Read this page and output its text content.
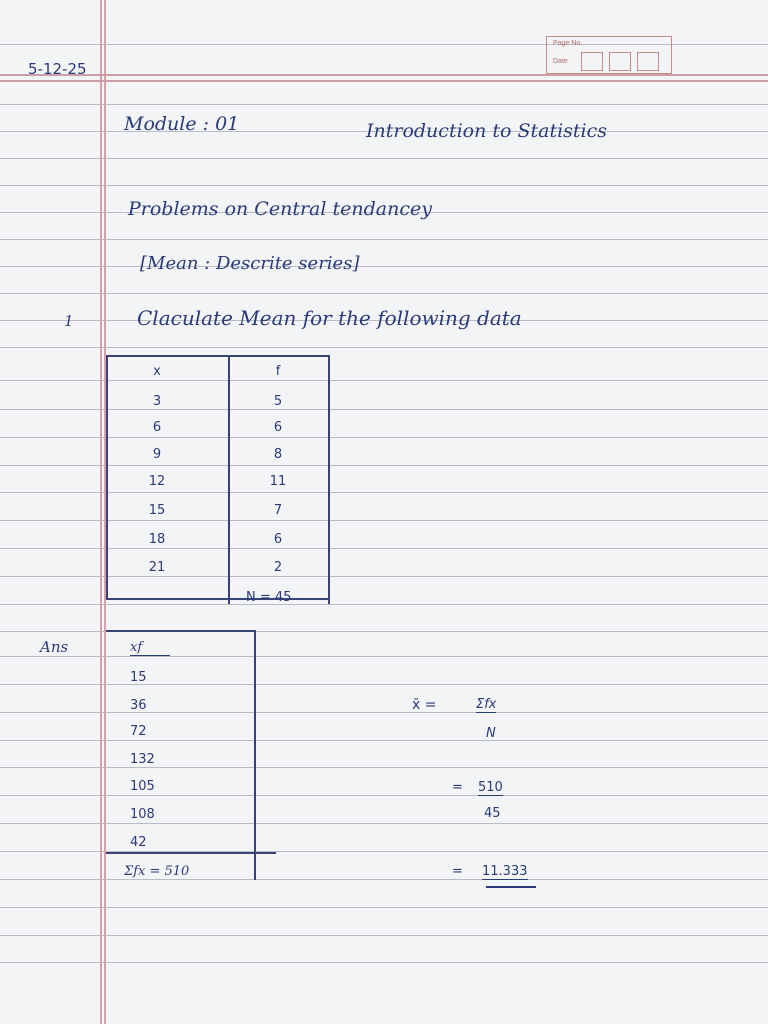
Page No.
Date
5-12-25
Module : 01	Introduction to Statistics
Problems on Central tendancey
[Mean : Descrite series]
1	Claculate Mean for the following data
x	f
3	5
6	6
9	8
12	11
15	7
18	6
21	2
N = 45
Ans	xf
15
36
72
132
105
108
42
Σfx = 510
x̄ =	Σfx
N
= 510
45
= 11.333
